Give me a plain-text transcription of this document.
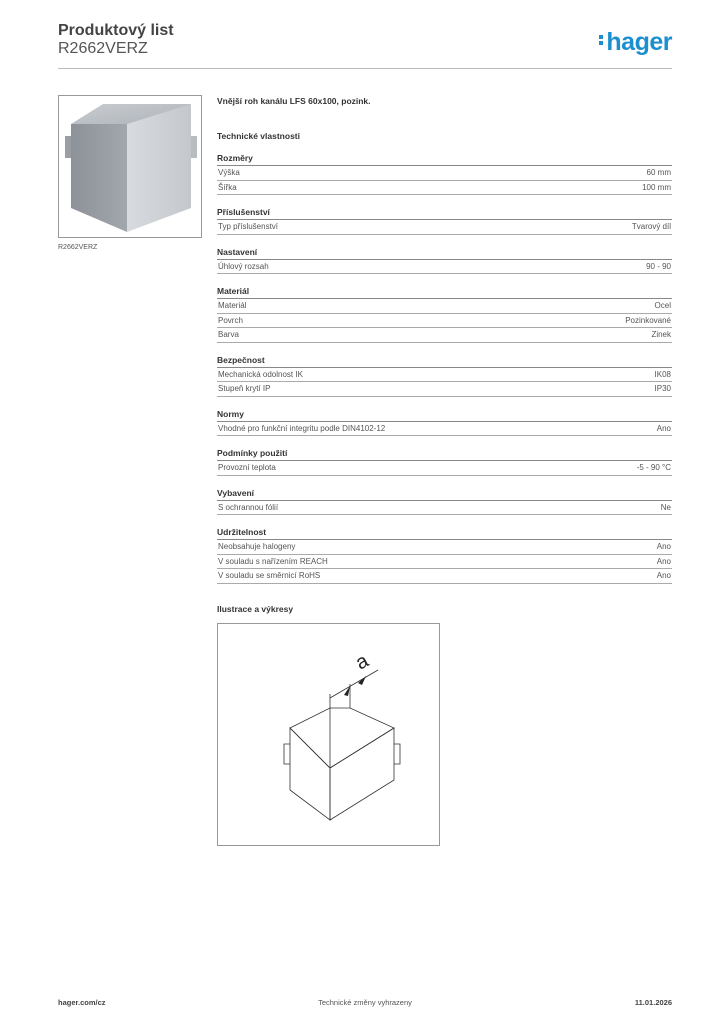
Produktový list
R2662VERZ	hager
R2662VERZ
Vnější roh kanálu LFS 60x100, pozink.
Technické vlastnosti
Rozměry
Výška	60 mm
Šířka	100 mm
Příslušenství
Typ příslušenství	Tvarový díl
Nastavení
Úhlový rozsah	90 - 90
Materiál
Materiál	Ocel
Povrch	Pozinkované
Barva	Zinek
Bezpečnost
Mechanická odolnost IK	IK08
Stupeň krytí IP	IP30
Normy
Vhodné pro funkční integritu podle DIN4102-12	Ano
Podmínky použití
Provozní teplota	-5 - 90 °C
Vybavení
S ochrannou fólií	Ne
Udržitelnost
Neobsahuje halogeny	Ano
V souladu s nařízením REACH	Ano
V souladu se směrnicí RoHS	Ano
Ilustrace a výkresy
a
hager.com/cz	Technické změny vyhrazeny	11.01.2026
